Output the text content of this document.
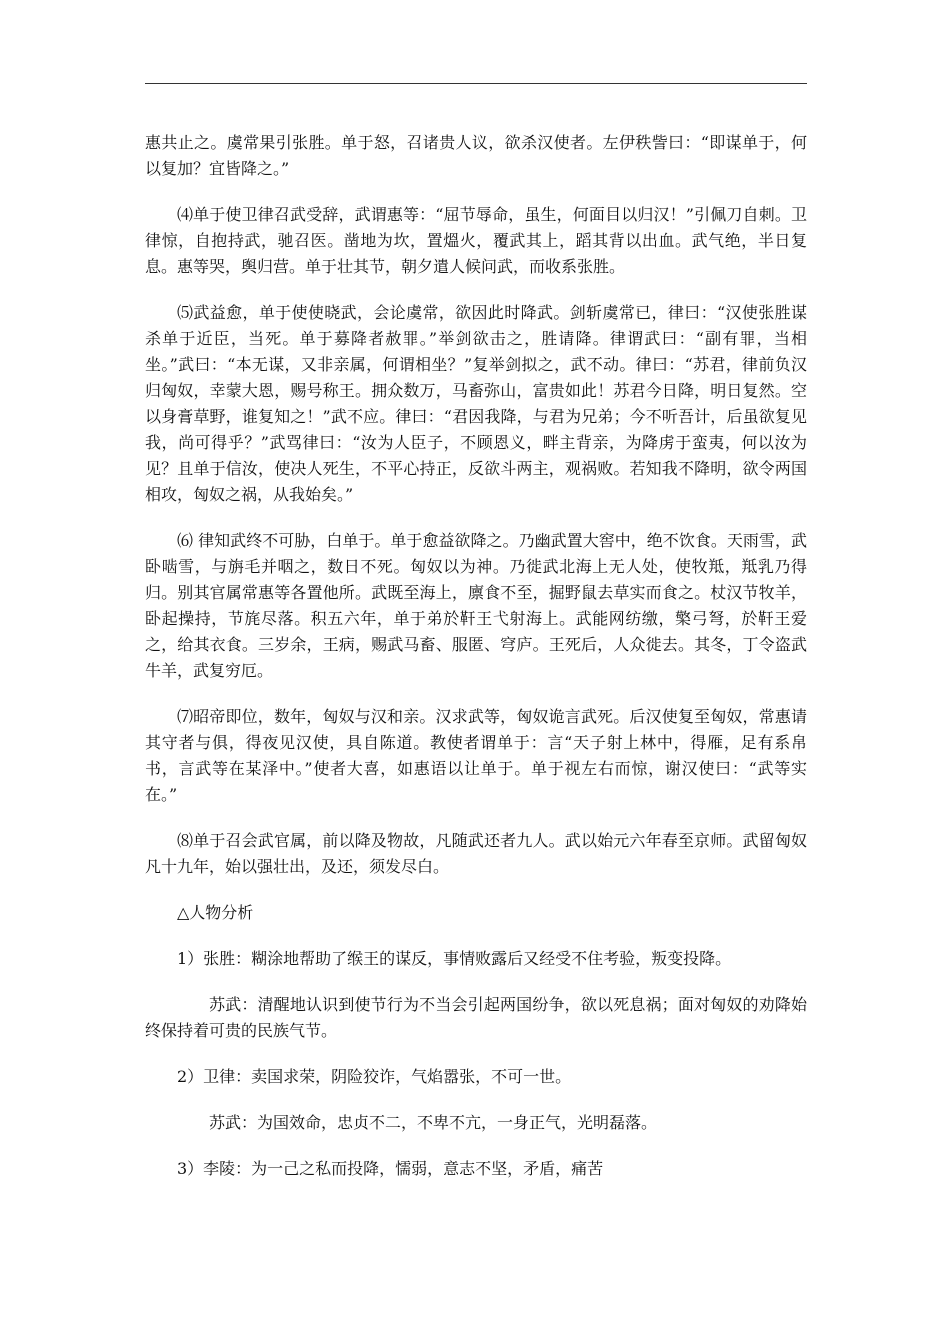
惠共止之。虞常果引张胜。单于怒，召诸贵人议，欲杀汉使者。左伊秩訾曰：“即谋单于，何以复加？宜皆降之。”

⑷单于使卫律召武受辞，武谓惠等：“屈节辱命，虽生，何面目以归汉！”引佩刀自刺。卫律惊，自抱持武，驰召医。凿地为坎，置熅火，覆武其上，蹈其背以出血。武气绝，半日复息。惠等哭，舆归营。单于壮其节，朝夕遣人候问武，而收系张胜。

⑸武益愈，单于使使晓武，会论虞常，欲因此时降武。剑斩虞常已，律曰：“汉使张胜谋杀单于近臣，当死。单于募降者赦罪。”举剑欲击之，胜请降。律谓武曰：“副有罪，当相坐。”武曰：“本无谋，又非亲属，何谓相坐？”复举剑拟之，武不动。律曰：“苏君，律前负汉归匈奴，幸蒙大恩，赐号称王。拥众数万，马畜弥山，富贵如此！苏君今日降，明日复然。空以身膏草野，谁复知之！”武不应。律曰：“君因我降，与君为兄弟；今不听吾计，后虽欲复见我，尚可得乎？”武骂律曰：“汝为人臣子，不顾恩义，畔主背亲，为降虏于蛮夷，何以汝为见？且单于信汝，使决人死生，不平心持正，反欲斗两主，观祸败。若知我不降明，欲令两国相攻，匈奴之祸，从我始矣。”

⑹ 律知武终不可胁，白单于。单于愈益欲降之。乃幽武置大窖中，绝不饮食。天雨雪，武卧啮雪，与旃毛并咽之，数日不死。匈奴以为神。乃徙武北海上无人处，使牧羝，羝乳乃得归。别其官属常惠等各置他所。武既至海上，廪食不至，掘野鼠去草实而食之。杖汉节牧羊，卧起操持，节旄尽落。积五六年，单于弟於靬王弋射海上。武能网纺缴，檠弓弩，於靬王爱之，给其衣食。三岁余，王病，赐武马畜、服匿、穹庐。王死后，人众徙去。其冬，丁令盗武牛羊，武复穷厄。

⑺昭帝即位，数年，匈奴与汉和亲。汉求武等，匈奴诡言武死。后汉使复至匈奴，常惠请其守者与俱，得夜见汉使，具自陈道。教使者谓单于：言“天子射上林中，得雁，足有系帛书，言武等在某泽中。”使者大喜，如惠语以让单于。单于视左右而惊，谢汉使曰：“武等实在。”

⑻单于召会武官属，前以降及物故，凡随武还者九人。武以始元六年春至京师。武留匈奴凡十九年，始以强壮出，及还，须发尽白。

△人物分析

1）张胜：糊涂地帮助了缑王的谋反，事情败露后又经受不住考验，叛变投降。

苏武：清醒地认识到使节行为不当会引起两国纷争，欲以死息祸；面对匈奴的劝降始终保持着可贵的民族气节。

2）卫律：卖国求荣，阴险狡诈，气焰嚣张，不可一世。

苏武：为国效命，忠贞不二，不卑不亢，一身正气，光明磊落。

3）李陵：为一己之私而投降，懦弱，意志不坚，矛盾，痛苦
